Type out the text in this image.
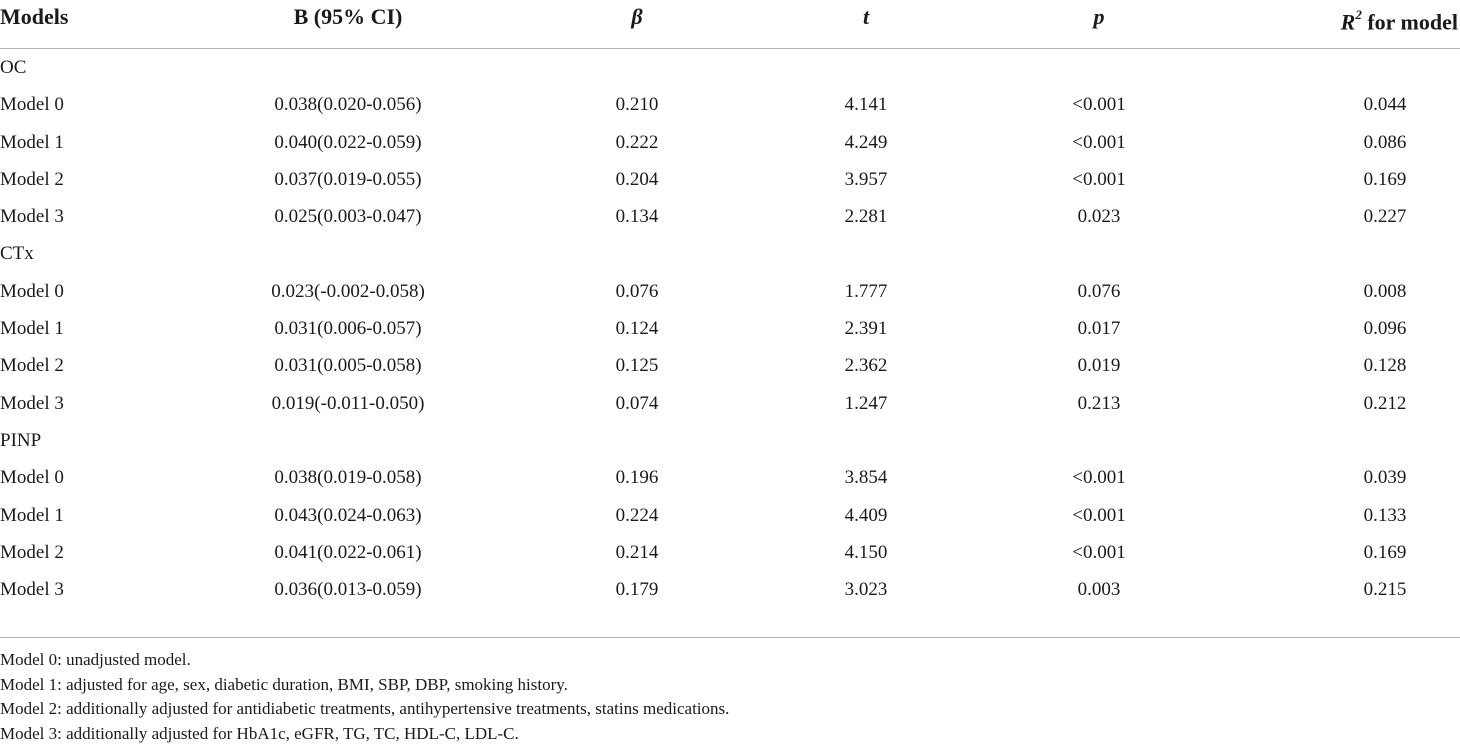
Models	B (95% CI)	β	t	p	$R^2$ for model
OC
Model 0	0.038(0.020-0.056)	0.210	4.141	<0.001	0.044
Model 1	0.040(0.022-0.059)	0.222	4.249	<0.001	0.086
Model 2	0.037(0.019-0.055)	0.204	3.957	<0.001	0.169
Model 3	0.025(0.003-0.047)	0.134	2.281	0.023	0.227
CTx
Model 0	0.023(-0.002-0.058)	0.076	1.777	0.076	0.008
Model 1	0.031(0.006-0.057)	0.124	2.391	0.017	0.096
Model 2	0.031(0.005-0.058)	0.125	2.362	0.019	0.128
Model 3	0.019(-0.011-0.050)	0.074	1.247	0.213	0.212
PINP
Model 0	0.038(0.019-0.058)	0.196	3.854	<0.001	0.039
Model 1	0.043(0.024-0.063)	0.224	4.409	<0.001	0.133
Model 2	0.041(0.022-0.061)	0.214	4.150	<0.001	0.169
Model 3	0.036(0.013-0.059)	0.179	3.023	0.003	0.215
Model 0: unadjusted model.
Model 1: adjusted for age, sex, diabetic duration, BMI, SBP, DBP, smoking history.
Model 2: additionally adjusted for antidiabetic treatments, antihypertensive treatments, statins medications.
Model 3: additionally adjusted for HbA1c, eGFR, TG, TC, HDL-C, LDL-C.
